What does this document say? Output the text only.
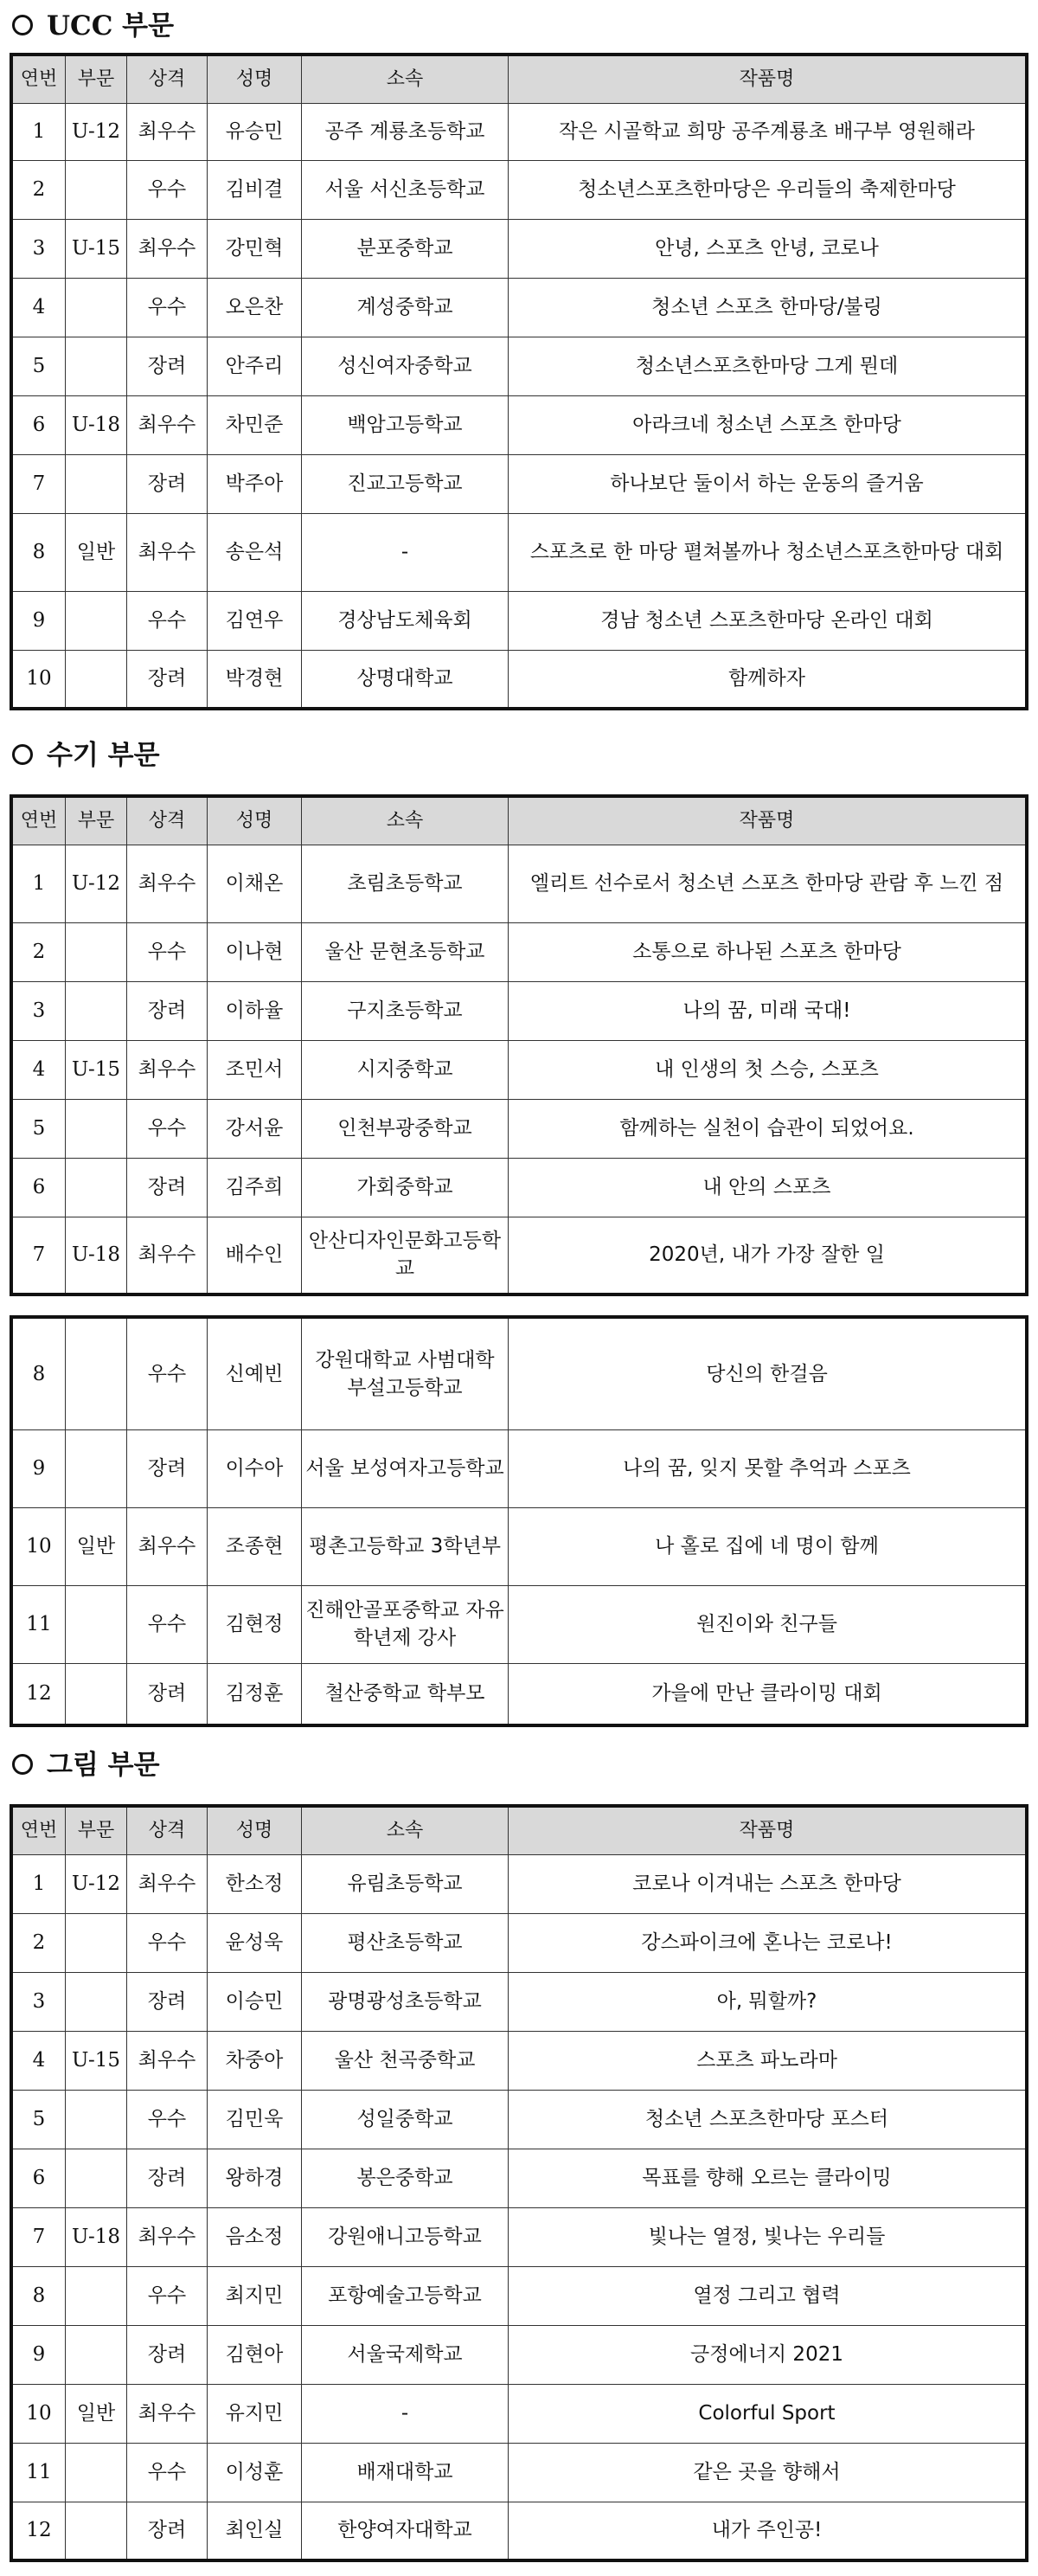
UCC 부문
연번	부문	상격	성명	소속	작품명
1	U-12	최우수	유승민	공주 계룡초등학교	작은 시골학교 희망 공주계룡초 배구부 영원해라
2		우수	김비결	서울 서신초등학교	청소년스포츠한마당은 우리들의 축제한마당
3	U-15	최우수	강민혁	분포중학교	안녕, 스포츠 안녕, 코로나
4		우수	오은찬	계성중학교	청소년 스포츠 한마당/불링
5		장려	안주리	성신여자중학교	청소년스포츠한마당 그게 뭔데
6	U-18	최우수	차민준	백암고등학교	아라크네 청소년 스포츠 한마당
7		장려	박주아	진교고등학교	하나보단 둘이서 하는 운동의 즐거움
8	일반	최우수	송은석	-	스포츠로 한 마당 펼쳐볼까나 청소년스포츠한마당 대회
9		우수	김연우	경상남도체육회	경남 청소년 스포츠한마당 온라인 대회
10		장려	박경현	상명대학교	함께하자
수기 부문
연번	부문	상격	성명	소속	작품명
1	U-12	최우수	이채온	초림초등학교	엘리트 선수로서 청소년 스포츠 한마당 관람 후 느낀 점
2		우수	이나현	울산 문현초등학교	소통으로 하나된 스포츠 한마당
3		장려	이하율	구지초등학교	나의 꿈, 미래 국대!
4	U-15	최우수	조민서	시지중학교	내 인생의 첫 스승, 스포츠
5		우수	강서윤	인천부광중학교	함께하는 실천이 습관이 되었어요.
6		장려	김주희	가회중학교	내 안의 스포츠
7	U-18	최우수	배수인	안산디자인문화고등학교	2020년, 내가 가장 잘한 일
8		우수	신예빈	강원대학교 사범대학 부설고등학교	당신의 한걸음
9		장려	이수아	서울 보성여자고등학교	나의 꿈, 잊지 못할 추억과 스포츠
10	일반	최우수	조종현	평촌고등학교 3학년부	나 홀로 집에 네 명이 함께
11		우수	김현정	진해안골포중학교 자유학년제 강사	원진이와 친구들
12		장려	김정훈	철산중학교 학부모	가을에 만난 클라이밍 대회
그림 부문
연번	부문	상격	성명	소속	작품명
1	U-12	최우수	한소정	유림초등학교	코로나 이겨내는 스포츠 한마당
2		우수	윤성욱	평산초등학교	강스파이크에 혼나는 코로나!
3		장려	이승민	광명광성초등학교	아, 뭐할까?
4	U-15	최우수	차중아	울산 천곡중학교	스포츠 파노라마
5		우수	김민욱	성일중학교	청소년 스포츠한마당 포스터
6		장려	왕하경	봉은중학교	목표를 향해 오르는 클라이밍
7	U-18	최우수	음소정	강원애니고등학교	빛나는 열정, 빛나는 우리들
8		우수	최지민	포항예술고등학교	열정 그리고 협력
9		장려	김현아	서울국제학교	긍정에너지 2021
10	일반	최우수	유지민	-	Colorful Sport
11		우수	이성훈	배재대학교	같은 곳을 향해서
12		장려	최인실	한양여자대학교	내가 주인공!
